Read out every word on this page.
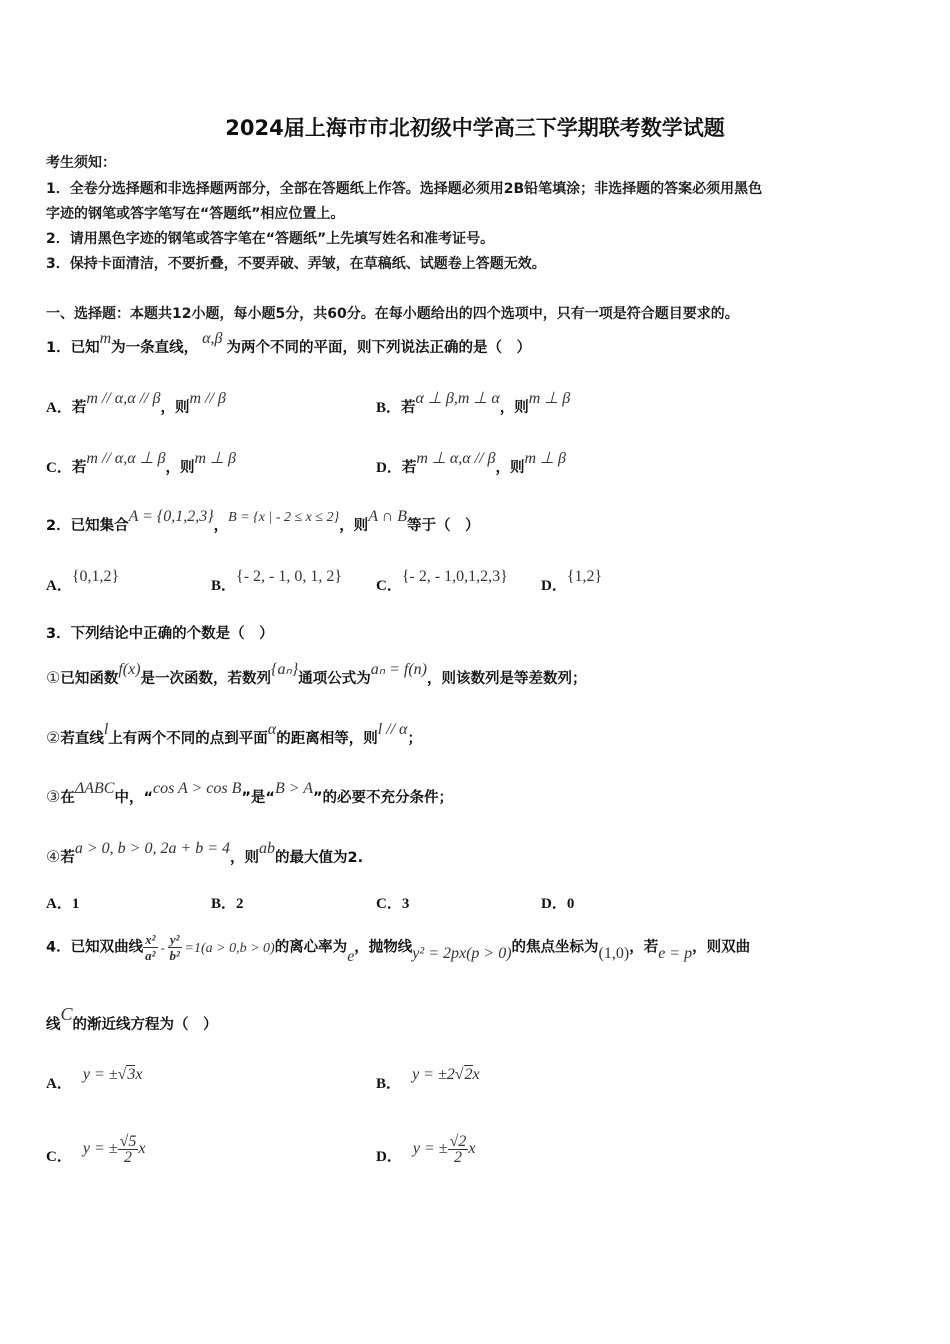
2024届上海市市北初级中学高三下学期联考数学试题
考生须知：
1．全卷分选择题和非选择题两部分，全部在答题纸上作答。选择题必须用2B铅笔填涂；非选择题的答案必须用黑色
字迹的钢笔或答字笔写在“答题纸”相应位置上。
2．请用黑色字迹的钢笔或答字笔在“答题纸”上先填写姓名和准考证号。
3．保持卡面清洁，不要折叠，不要弄破、弄皱，在草稿纸、试题卷上答题无效。
一、选择题：本题共12小题，每小题5分，共60分。在每小题给出的四个选项中，只有一项是符合题目要求的。
1．已知m为一条直线，α,β为两个不同的平面，则下列说法正确的是（　）
A．若m // α,α // β，则m // β
B．若α ⊥ β,m ⊥ α，则m ⊥ β
C．若m // α,α ⊥ β，则m ⊥ β
D．若m ⊥ α,α // β，则m ⊥ β
2．已知集合A = {0,1,2,3}，B = {x | - 2 ≤ x ≤ 2}，则A ∩ B等于（　）
A．{0,1,2}
B．{- 2, - 1, 0, 1, 2}
C．{- 2, - 1,0,1,2,3}
D．{1,2}
3．下列结论中正确的个数是（　）
①已知函数f(x)是一次函数，若数列{aₙ}通项公式为aₙ = f(n)，则该数列是等差数列；
②若直线l上有两个不同的点到平面α的距离相等，则l // α；
③在ΔABC中，“cos A > cos B”是“B > A”的必要不充分条件；
④若a > 0, b > 0, 2a + b = 4，则ab的最大值为2.
A．1	B．2	C．3	D．0
4．已知双曲线 $\frac{\text{x²}}{\text{a²}} - \frac{\text{y²}}{\text{b²}} =1(a > 0,b > 0)$的离心率为e，抛物线y² = 2px(p > 0)的焦点坐标为(1,0)，若e = p，则双曲
线C的渐近线方程为（　）
A． y = ±√3x
B． y = ±2√2x
C． y = ± $\frac{√5}{2}$ x	D． y = ± $\frac{√2}{2}$ x
